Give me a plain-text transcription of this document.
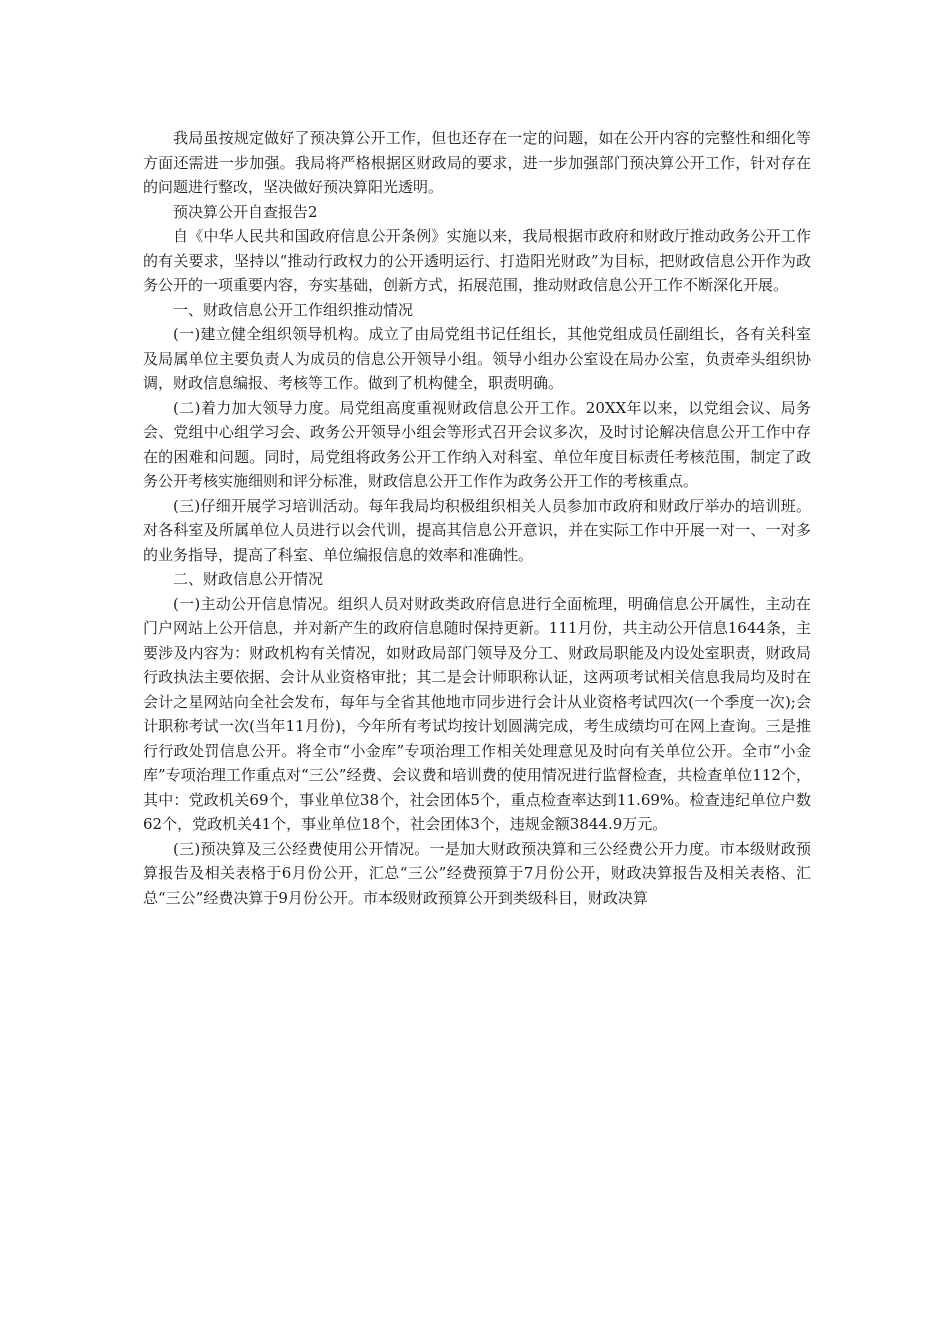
我局虽按规定做好了预决算公开工作，但也还存在一定的问题，如在公开内容的完整性和细化等方面还需进一步加强。我局将严格根据区财政局的要求，进一步加强部门预决算公开工作，针对存在的问题进行整改，坚决做好预决算阳光透明。

预决算公开自查报告2

自《中华人民共和国政府信息公开条例》实施以来，我局根据市政府和财政厅推动政务公开工作的有关要求，坚持以“推动行政权力的公开透明运行、打造阳光财政”为目标，把财政信息公开作为政务公开的一项重要内容，夯实基础，创新方式，拓展范围，推动财政信息公开工作不断深化开展。

一、财政信息公开工作组织推动情况

(一)建立健全组织领导机构。成立了由局党组书记任组长，其他党组成员任副组长，各有关科室及局属单位主要负责人为成员的信息公开领导小组。领导小组办公室设在局办公室，负责牵头组织协调，财政信息编报、考核等工作。做到了机构健全，职责明确。

(二)着力加大领导力度。局党组高度重视财政信息公开工作。20XX年以来，以党组会议、局务会、党组中心组学习会、政务公开领导小组会等形式召开会议多次，及时讨论解决信息公开工作中存在的困难和问题。同时，局党组将政务公开工作纳入对科室、单位年度目标责任考核范围，制定了政务公开考核实施细则和评分标准，财政信息公开工作作为政务公开工作的考核重点。

(三)仔细开展学习培训活动。每年我局均积极组织相关人员参加市政府和财政厅举办的培训班。对各科室及所属单位人员进行以会代训，提高其信息公开意识，并在实际工作中开展一对一、一对多的业务指导，提高了科室、单位编报信息的效率和准确性。

二、财政信息公开情况

(一)主动公开信息情况。组织人员对财政类政府信息进行全面梳理，明确信息公开属性，主动在门户网站上公开信息，并对新产生的政府信息随时保持更新。111月份，共主动公开信息1644条，主要涉及内容为：财政机构有关情况，如财政局部门领导及分工、财政局职能及内设处室职责，财政局行政执法主要依据、会计从业资格审批；其二是会计师职称认证，这两项考试相关信息我局均及时在会计之星网站向全社会发布，每年与全省其他地市同步进行会计从业资格考试四次(一个季度一次);会计职称考试一次(当年11月份)，今年所有考试均按计划圆满完成，考生成绩均可在网上查询。三是推行行政处罚信息公开。将全市“小金库”专项治理工作相关处理意见及时向有关单位公开。全市“小金库”专项治理工作重点对“三公”经费、会议费和培训费的使用情况进行监督检查，共检查单位112个，其中：党政机关69个，事业单位38个，社会团体5个，重点检查率达到11.69%。检查违纪单位户数62个，党政机关41个，事业单位18个，社会团体3个，违规金额3844.9万元。

(三)预决算及三公经费使用公开情况。一是加大财政预决算和三公经费公开力度。市本级财政预算报告及相关表格于6月份公开，汇总“三公”经费预算于7月份公开，财政决算报告及相关表格、汇总“三公”经费决算于9月份公开。市本级财政预算公开到类级科目，财政决算
